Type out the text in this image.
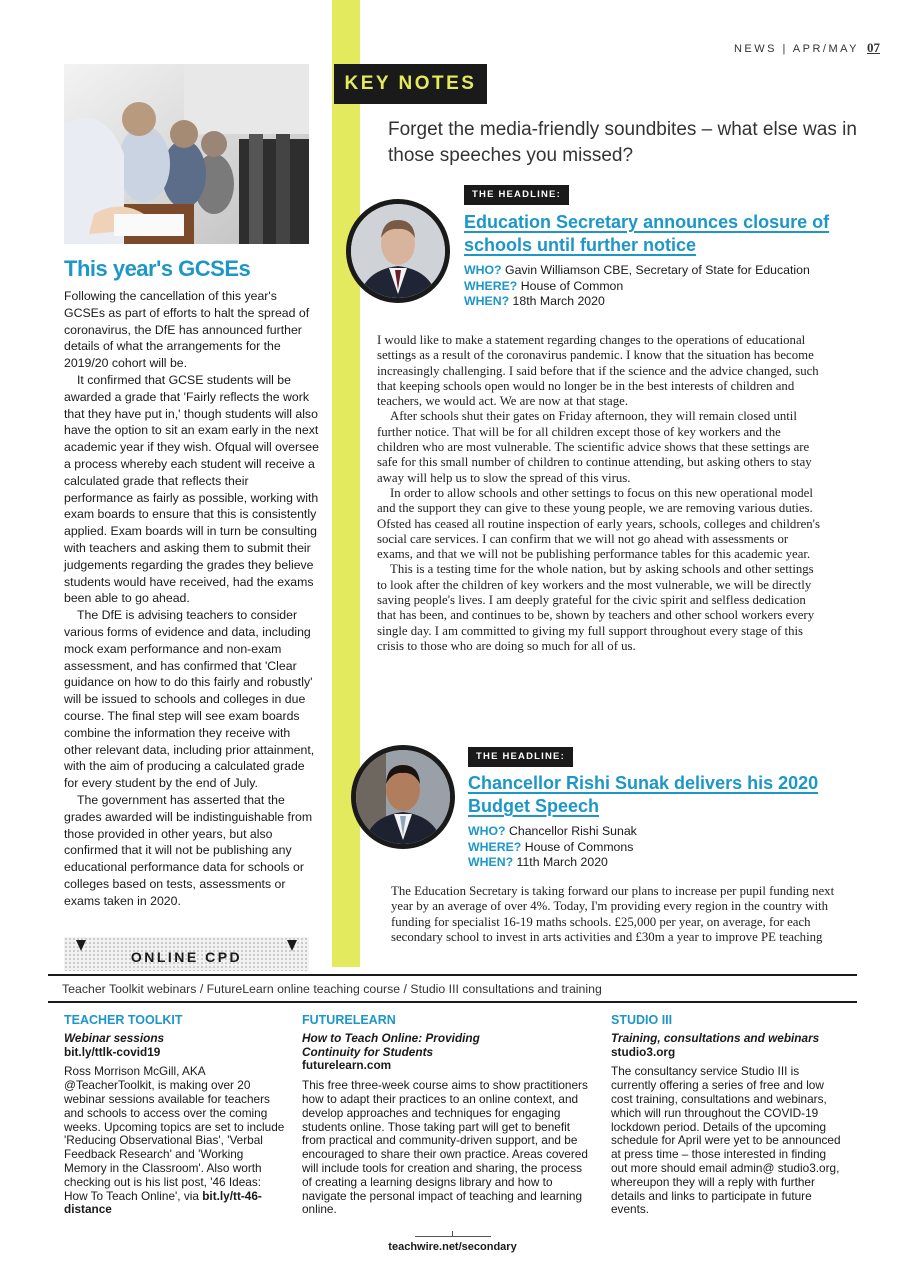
NEWS | APR/MAY 07
This year's GCSEs

Following the cancellation of this year's GCSEs as part of efforts to halt the spread of coronavirus, the DfE has announced further details of what the arrangements for the 2019/20 cohort will be.

It confirmed that GCSE students will be awarded a grade that 'Fairly reflects the work that they have put in,' though students will also have the option to sit an exam early in the next academic year if they wish. Ofqual will oversee a process whereby each student will receive a calculated grade that reflects their performance as fairly as possible, working with exam boards to ensure that this is consistently applied. Exam boards will in turn be consulting with teachers and asking them to submit their judgements regarding the grades they believe students would have received, had the exams been able to go ahead.

The DfE is advising teachers to consider various forms of evidence and data, including mock exam performance and non-exam assessment, and has confirmed that 'Clear guidance on how to do this fairly and robustly' will be issued to schools and colleges in due course. The final step will see exam boards combine the information they receive with other relevant data, including prior attainment, with the aim of producing a calculated grade for every student by the end of July.

The government has asserted that the grades awarded will be indistinguishable from those provided in other years, but also confirmed that it will not be publishing any educational performance data for schools or colleges based on tests, assessments or exams taken in 2020.

ONLINE CPD
KEY NOTES
Forget the media-friendly soundbites – what else was in those speeches you missed?
THE HEADLINE:
Education Secretary announces closure of schools until further notice
WHO? Gavin Williamson CBE, Secretary of State for Education
WHERE? House of Common
WHEN? 18th March 2020

I would like to make a statement regarding changes to the operations of educational settings as a result of the coronavirus pandemic. I know that the situation has become increasingly challenging. I said before that if the science and the advice changed, such that keeping schools open would no longer be in the best interests of children and teachers, we would act. We are now at that stage.

After schools shut their gates on Friday afternoon, they will remain closed until further notice. That will be for all children except those of key workers and the children who are most vulnerable. The scientific advice shows that these settings are safe for this small number of children to continue attending, but asking others to stay away will help us to slow the spread of this virus.

In order to allow schools and other settings to focus on this new operational model and the support they can give to these young people, we are removing various duties. Ofsted has ceased all routine inspection of early years, schools, colleges and children's social care services. I can confirm that we will not go ahead with assessments or exams, and that we will not be publishing performance tables for this academic year.

This is a testing time for the whole nation, but by asking schools and other settings to look after the children of key workers and the most vulnerable, we will be directly saving people's lives. I am deeply grateful for the civic spirit and selfless dedication that has been, and continues to be, shown by teachers and other school workers every single day. I am committed to giving my full support throughout every stage of this crisis to those who are doing so much for all of us.

THE HEADLINE:
Chancellor Rishi Sunak delivers his 2020 Budget Speech
WHO? Chancellor Rishi Sunak
WHERE? House of Commons
WHEN? 11th March 2020

The Education Secretary is taking forward our plans to increase per pupil funding next year by an average of over 4%. Today, I'm providing every region in the country with funding for specialist 16-19 maths schools. £25,000 per year, on average, for each secondary school to invest in arts activities and £30m a year to improve PE teaching

Teacher Toolkit webinars / FutureLearn online teaching course / Studio III consultations and training
TEACHER TOOLKIT
Webinar sessions
bit.ly/ttlk-covid19
Ross Morrison McGill, AKA @TeacherToolkit, is making over 20 webinar sessions available for teachers and schools to access over the coming weeks. Upcoming topics are set to include 'Reducing Observational Bias', 'Verbal Feedback Research' and 'Working Memory in the Classroom'. Also worth checking out is his list post, '46 Ideas: How To Teach Online', via bit.ly/tt-46-distance
FUTURELEARN
How to Teach Online: Providing Continuity for Students
futurelearn.com
This free three-week course aims to show practitioners how to adapt their practices to an online context, and develop approaches and techniques for engaging students online. Those taking part will get to benefit from practical and community-driven support, and be encouraged to share their own practice. Areas covered will include tools for creation and sharing, the process of creating a learning designs library and how to navigate the personal impact of teaching and learning online.
STUDIO III
Training, consultations and webinars
studio3.org
The consultancy service Studio III is currently offering a series of free and low cost training, consultations and webinars, which will run throughout the COVID-19 lockdown period. Details of the upcoming schedule for April were yet to be announced at press time – those interested in finding out more should email admin@ studio3.org, whereupon they will a reply with further details and links to participate in future events.
teachwire.net/secondary
